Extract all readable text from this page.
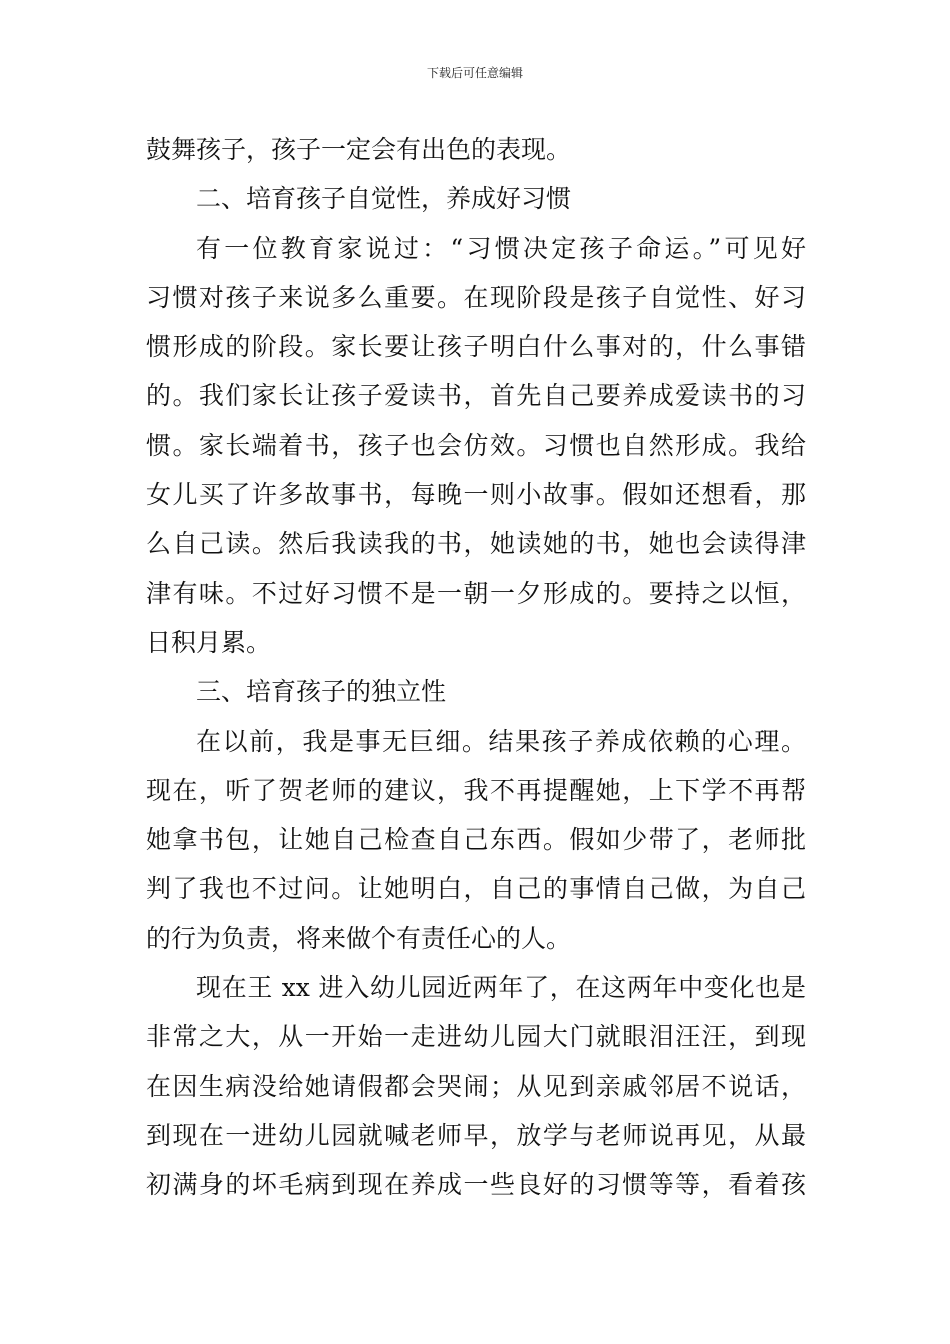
下载后可任意编辑
鼓舞孩子，孩子一定会有出色的表现。
二、培育孩子自觉性，养成好习惯
有一位教育家说过：“习惯决定孩子命运。”可见好
习惯对孩子来说多么重要。在现阶段是孩子自觉性、好习
惯形成的阶段。家长要让孩子明白什么事对的，什么事错
的。我们家长让孩子爱读书，首先自己要养成爱读书的习
惯。家长端着书，孩子也会仿效。习惯也自然形成。我给
女儿买了许多故事书，每晚一则小故事。假如还想看，那
么自己读。然后我读我的书，她读她的书，她也会读得津
津有味。不过好习惯不是一朝一夕形成的。要持之以恒，
日积月累。
三、培育孩子的独立性
在以前，我是事无巨细。结果孩子养成依赖的心理。
现在，听了贺老师的建议，我不再提醒她，上下学不再帮
她拿书包，让她自己检查自己东西。假如少带了，老师批
判了我也不过问。让她明白，自己的事情自己做，为自己
的行为负责，将来做个有责任心的人。
现在王 xx 进入幼儿园近两年了，在这两年中变化也是
非常之大，从一开始一走进幼儿园大门就眼泪汪汪，到现
在因生病没给她请假都会哭闹；从见到亲戚邻居不说话，
到现在一进幼儿园就喊老师早，放学与老师说再见，从最
初满身的坏毛病到现在养成一些良好的习惯等等，看着孩
